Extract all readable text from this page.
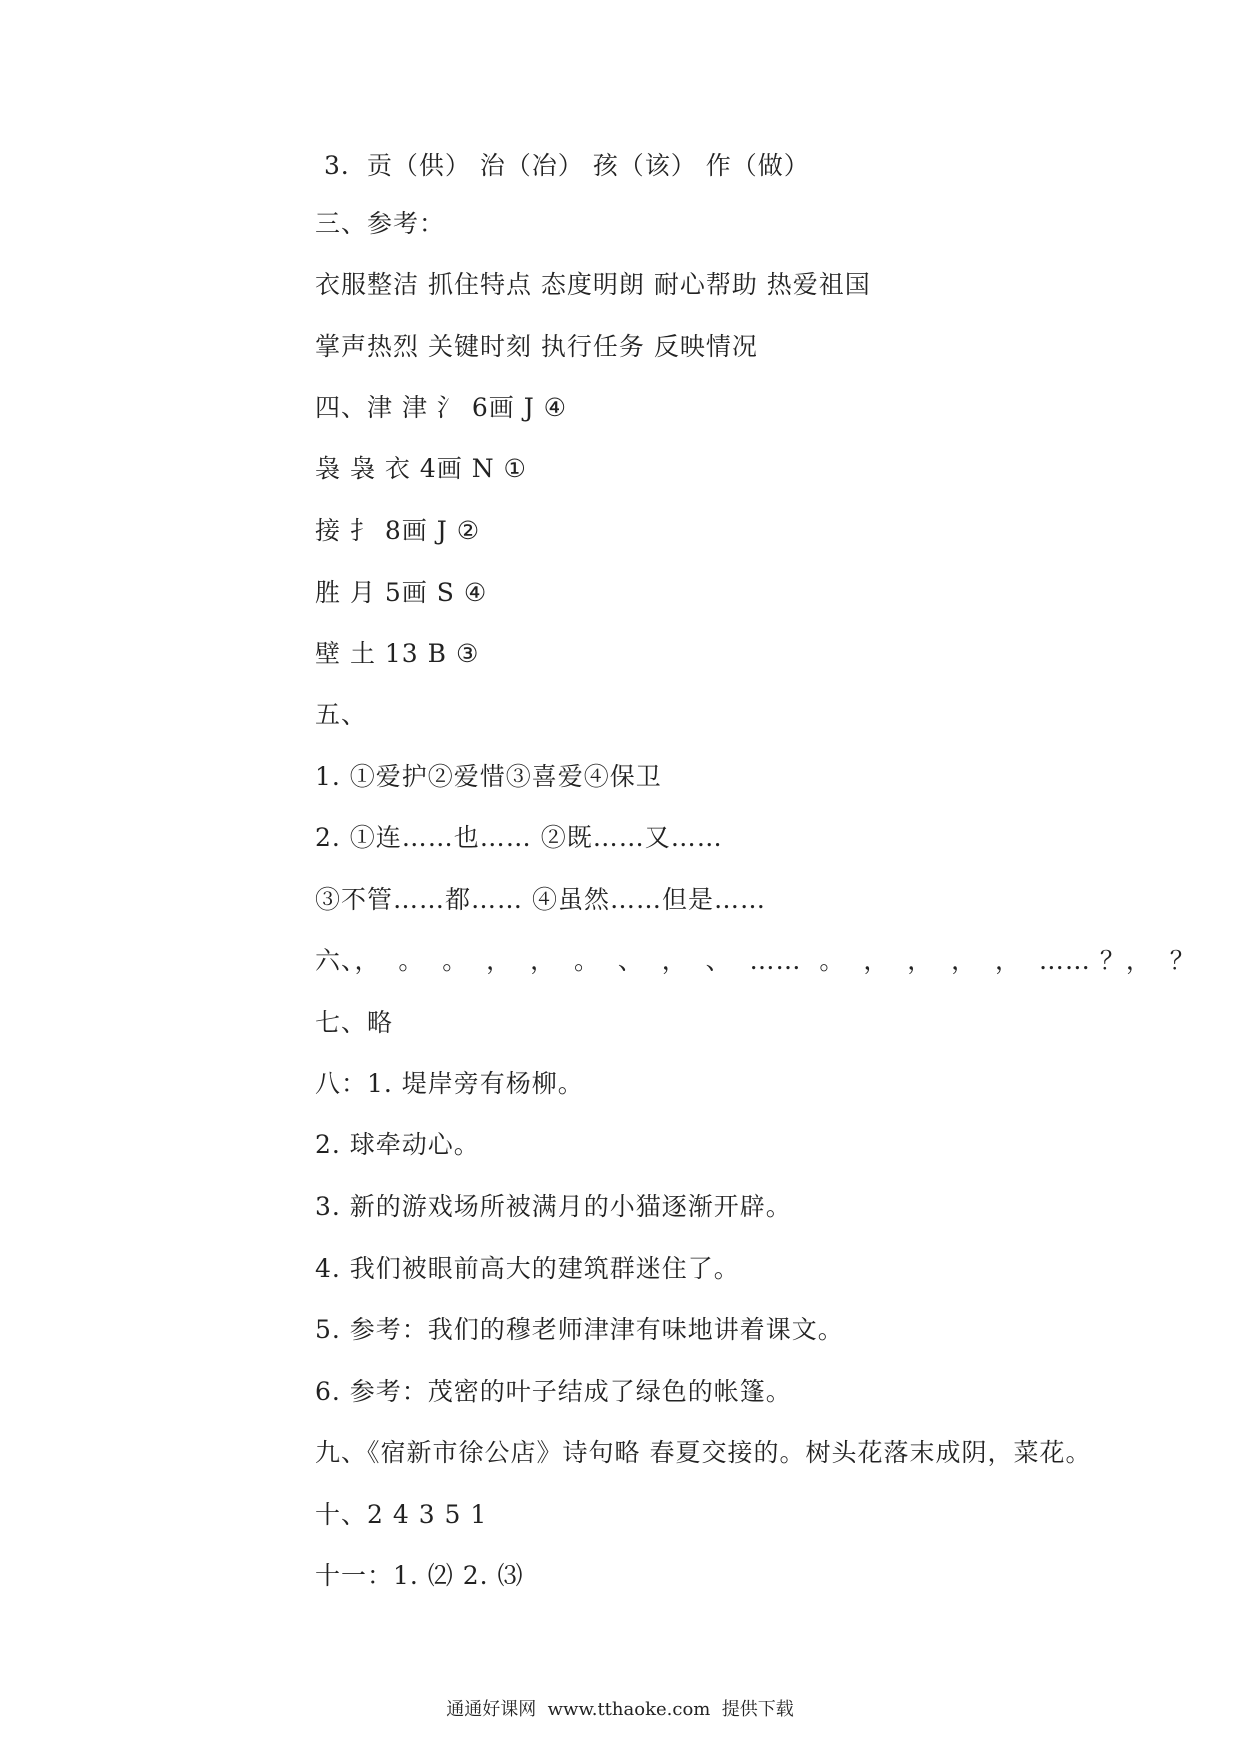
3．贡（供） 治（冶） 孩（该） 作（做）
三、参考：
衣服整洁 抓住特点 态度明朗 耐心帮助 热爱祖国
掌声热烈 关键时刻 执行任务 反映情况
四、津 津 氵 6画 J ④
袅 袅 衣 4画 N ①
接 扌 8画 J ②
胜 月 5画 S ④
壁 土 13 B ③
五、
1. ①爱护②爱惜③喜爱④保卫
2. ①连……也…… ②既……又……
③不管……都…… ④虽然……但是……
六、，  。  。  ，  ，  。  、  ，  、  ……  。  ，  ，  ，  ，  …… ？，  ？
七、略
八：1. 堤岸旁有杨柳。
2. 球牵动心。
3. 新的游戏场所被满月的小猫逐渐开辟。
4. 我们被眼前高大的建筑群迷住了。
5. 参考：我们的穆老师津津有味地讲着课文。
6. 参考：茂密的叶子结成了绿色的帐篷。
九、《宿新市徐公店》诗句略 春夏交接的。树头花落末成阴，菜花。
十、2 4 3 5 1
十一：1. ⑵ 2. ⑶
通通好课网  www.tthaoke.com  提供下载
